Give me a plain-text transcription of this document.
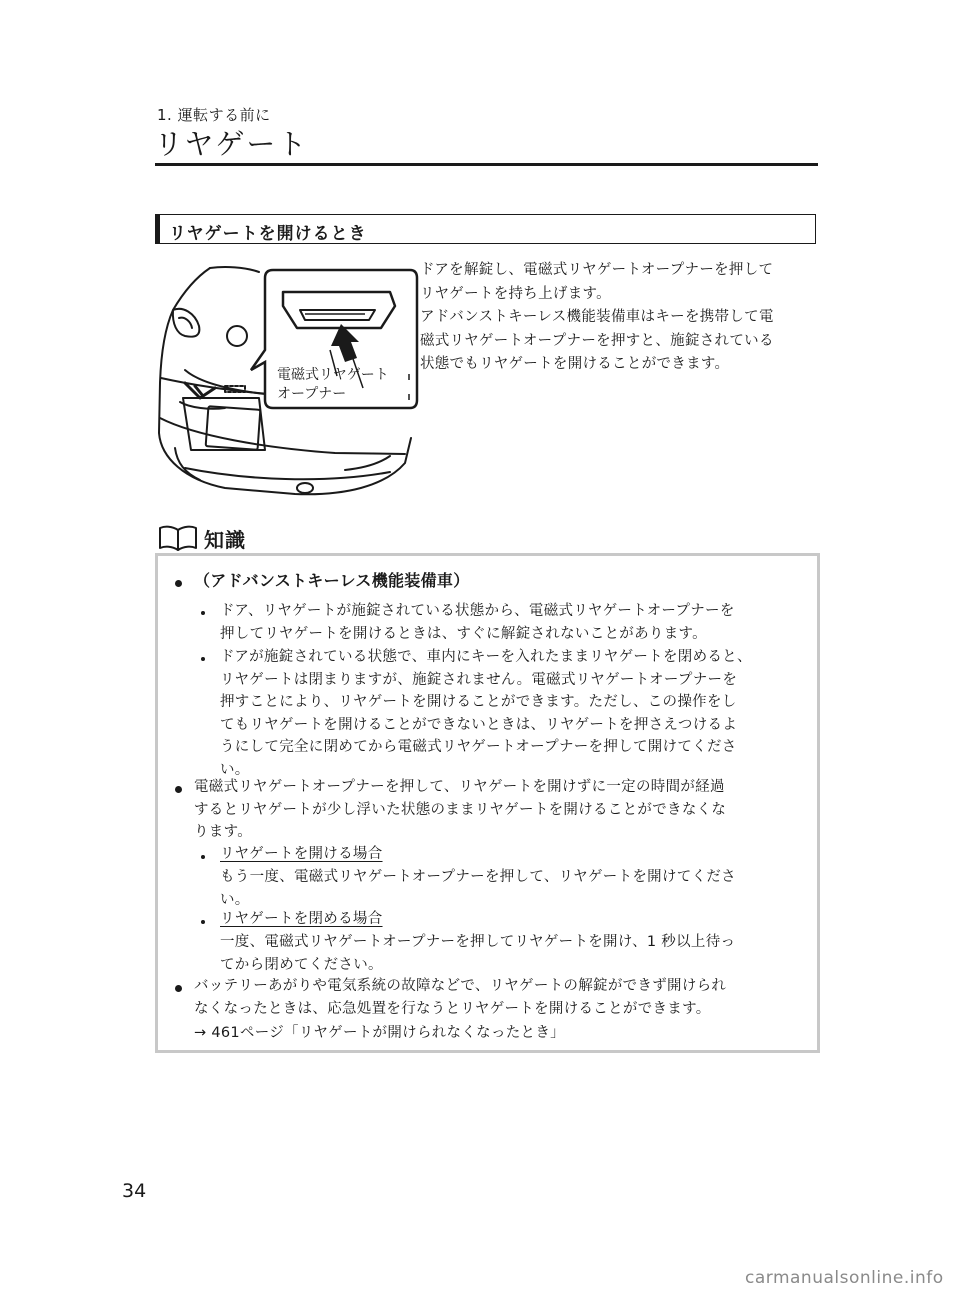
1. 運転する前に
リヤゲート
リヤゲートを開けるとき
電磁式リヤゲート
オープナー
ドアを解錠し、電磁式リヤゲートオープナーを押して
リヤゲートを持ち上げます。
アドバンストキーレス機能装備車はキーを携帯して電
磁式リヤゲートオープナーを押すと、施錠されている
状態でもリヤゲートを開けることができます。
知識
（アドバンストキーレス機能装備車）
ドア、リヤゲートが施錠されている状態から、電磁式リヤゲートオープナーを
押してリヤゲートを開けるときは、すぐに解錠されないことがあります。
ドアが施錠されている状態で、車内にキーを入れたままリヤゲートを閉めると、
リヤゲートは閉まりますが、施錠されません。電磁式リヤゲートオープナーを
押すことにより、リヤゲートを開けることができます。ただし、この操作をし
てもリヤゲートを開けることができないときは、リヤゲートを押さえつけるよ
うにして完全に閉めてから電磁式リヤゲートオープナーを押して開けてくださ
い。
電磁式リヤゲートオープナーを押して、リヤゲートを開けずに一定の時間が経過
するとリヤゲートが少し浮いた状態のままリヤゲートを開けることができなくな
ります。
リヤゲートを開ける場合
もう一度、電磁式リヤゲートオープナーを押して、リヤゲートを開けてくださ
い。
リヤゲートを閉める場合
一度、電磁式リヤゲートオープナーを押してリヤゲートを開け、1 秒以上待っ
てから閉めてください。
バッテリーあがりや電気系統の故障などで、リヤゲートの解錠ができず開けられ
なくなったときは、応急処置を行なうとリヤゲートを開けることができます。
→ 461ページ「リヤゲートが開けられなくなったとき」
34
carmanualsonline.info
